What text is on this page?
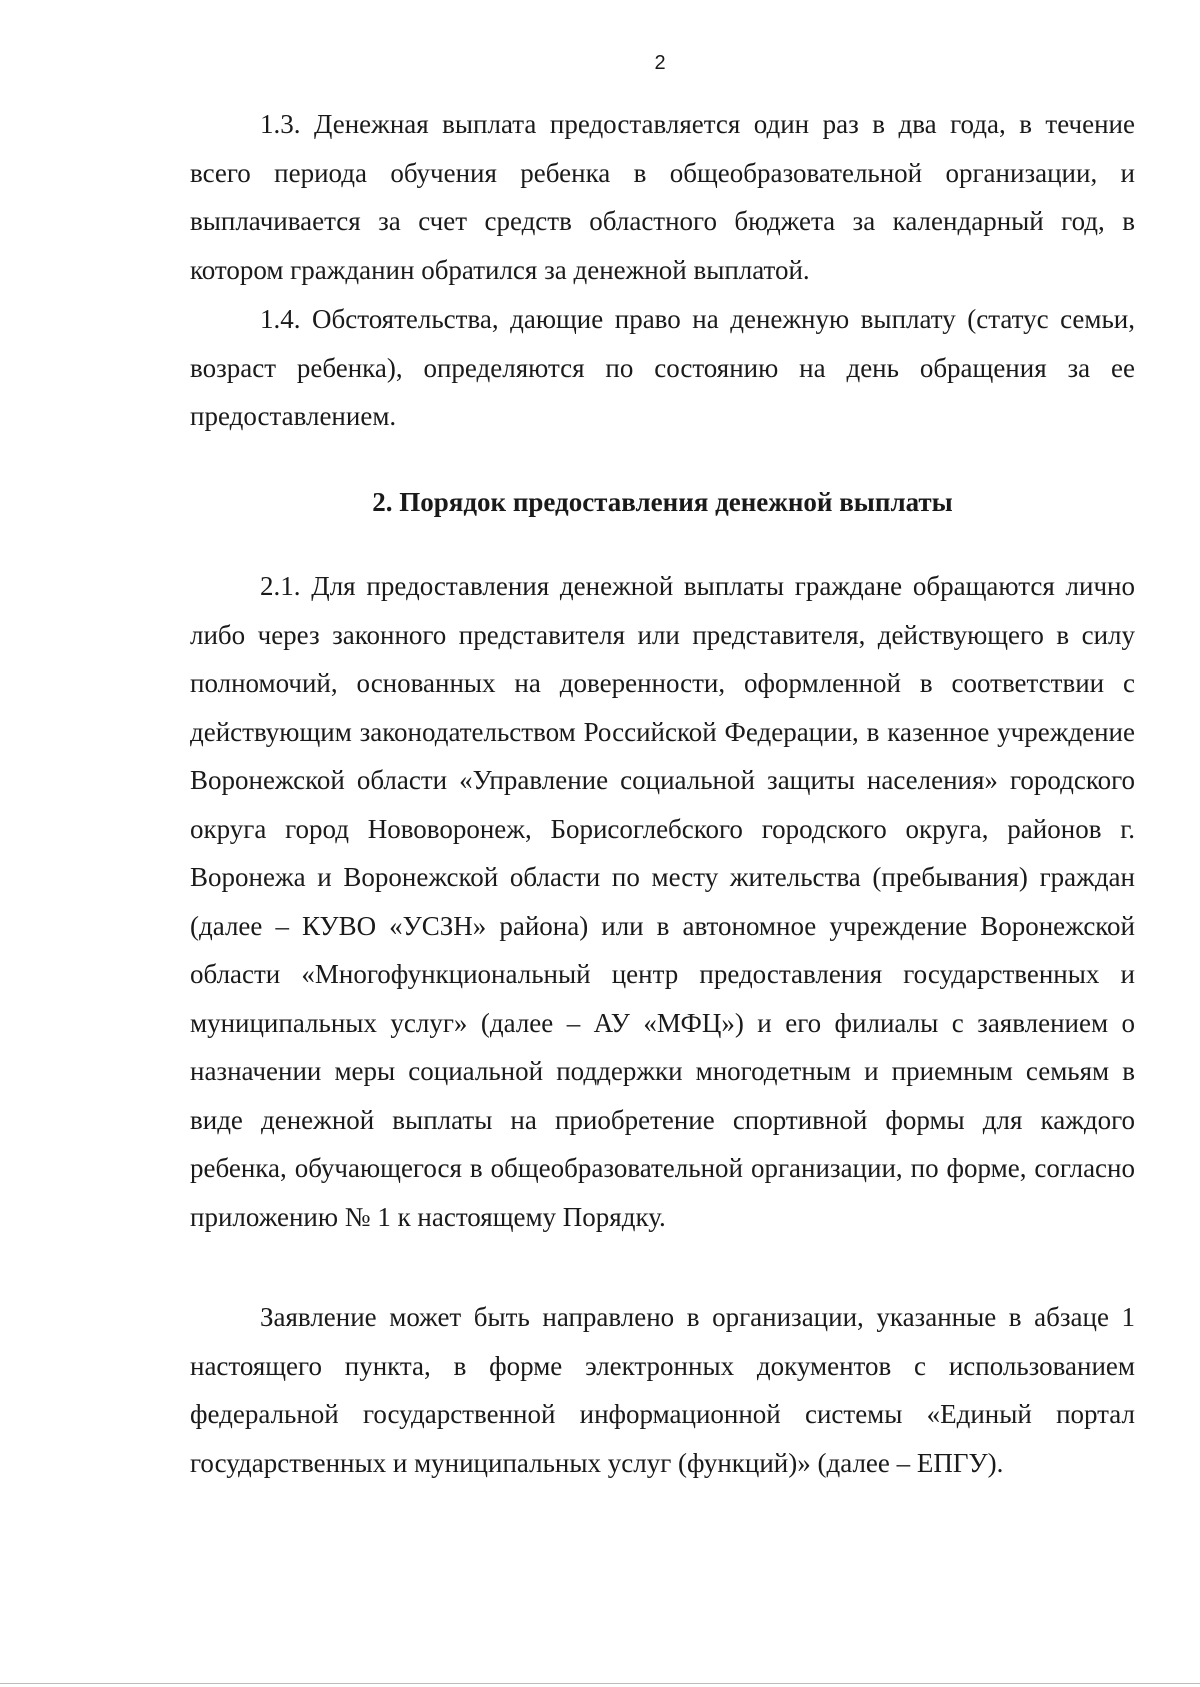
2

1.3. Денежная выплата предоставляется один раз в два года, в течение всего периода обучения ребенка в общеобразовательной организации, и выплачивается за счет средств областного бюджета за календарный год, в котором гражданин обратился за денежной выплатой.

1.4. Обстоятельства, дающие право на денежную выплату (статус семьи, возраст ребенка), определяются по состоянию на день обращения за ее предоставлением.

2. Порядок предоставления денежной выплаты

2.1. Для предоставления денежной выплаты граждане обращаются лично либо через законного представителя или представителя, действующего в силу полномочий, основанных на доверенности, оформленной в соответствии с действующим законодательством Российской Федерации, в казенное учреждение Воронежской области «Управление социальной защиты населения» городского округа город Нововоронеж, Борисоглебского городского округа, районов г. Воронежа и Воронежской области по месту жительства (пребывания) граждан (далее – КУВО «УСЗН» района) или в автономное учреждение Воронежской области «Многофункциональный центр предоставления государственных и муниципальных услуг» (далее – АУ «МФЦ») и его филиалы с заявлением о назначении меры социальной поддержки многодетным и приемным семьям в виде денежной выплаты на приобретение спортивной формы для каждого ребенка, обучающегося в общеобразовательной организации, по форме, согласно приложению № 1 к настоящему Порядку.

Заявление может быть направлено в организации, указанные в абзаце 1 настоящего пункта, в форме электронных документов с использованием федеральной государственной информационной системы «Единый портал государственных и муниципальных услуг (функций)» (далее – ЕПГУ).
